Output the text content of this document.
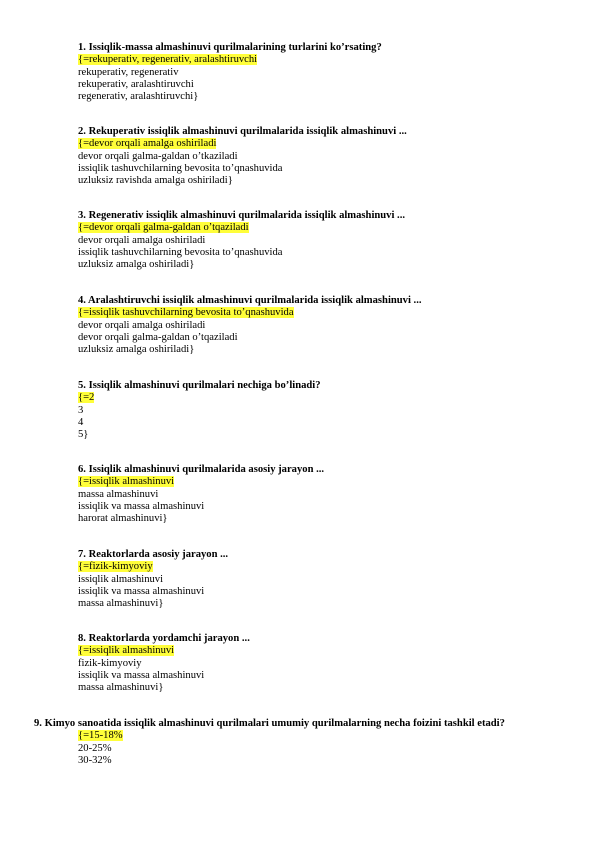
1. Issiqlik-massa almashinuvi qurilmalarining turlarini ko’rsating?
{=rekuperativ, regenerativ, aralashtiruvchi
rekuperativ, regenerativ
rekuperativ, aralashtiruvchi
regenerativ, aralashtiruvchi}
2. Rekuperativ issiqlik almashinuvi qurilmalarida issiqlik almashinuvi ...
{=devor orqali amalga oshiriladi
devor orqali galma-galdan o’tkaziladi
issiqlik tashuvchilarning bevosita to’qnashuvida
uzluksiz ravishda amalga oshiriladi}
3. Regenerativ issiqlik almashinuvi qurilmalarida issiqlik almashinuvi ...
{=devor orqali galma-galdan o’tqaziladi
devor orqali amalga oshiriladi
issiqlik tashuvchilarning bevosita to’qnashuvida
uzluksiz amalga oshiriladi}
4. Aralashtiruvchi issiqlik almashinuvi qurilmalarida issiqlik almashinuvi ...
{=issiqlik tashuvchilarning bevosita to’qnashuvida
devor orqali amalga oshiriladi
devor orqali galma-galdan o’tqaziladi
uzluksiz amalga oshiriladi}
5. Issiqlik almashinuvi qurilmalari nechiga bo’linadi?
{=2
3
4
5}
6. Issiqlik almashinuvi qurilmalarida asosiy jarayon ...
{=issiqlik almashinuvi
massa almashinuvi
issiqlik va massa almashinuvi
harorat almashinuvi}
7. Reaktorlarda asosiy jarayon ...
{=fizik-kimyoviy
issiqlik almashinuvi
issiqlik va massa almashinuvi
massa almashinuvi}
8. Reaktorlarda yordamchi jarayon ...
{=issiqlik almashinuvi
fizik-kimyoviy
issiqlik va massa almashinuvi
massa almashinuvi}
9. Kimyo sanoatida issiqlik almashinuvi qurilmalari umumiy qurilmalarning necha foizini tashkil etadi?
{=15-18%
20-25%
30-32%
